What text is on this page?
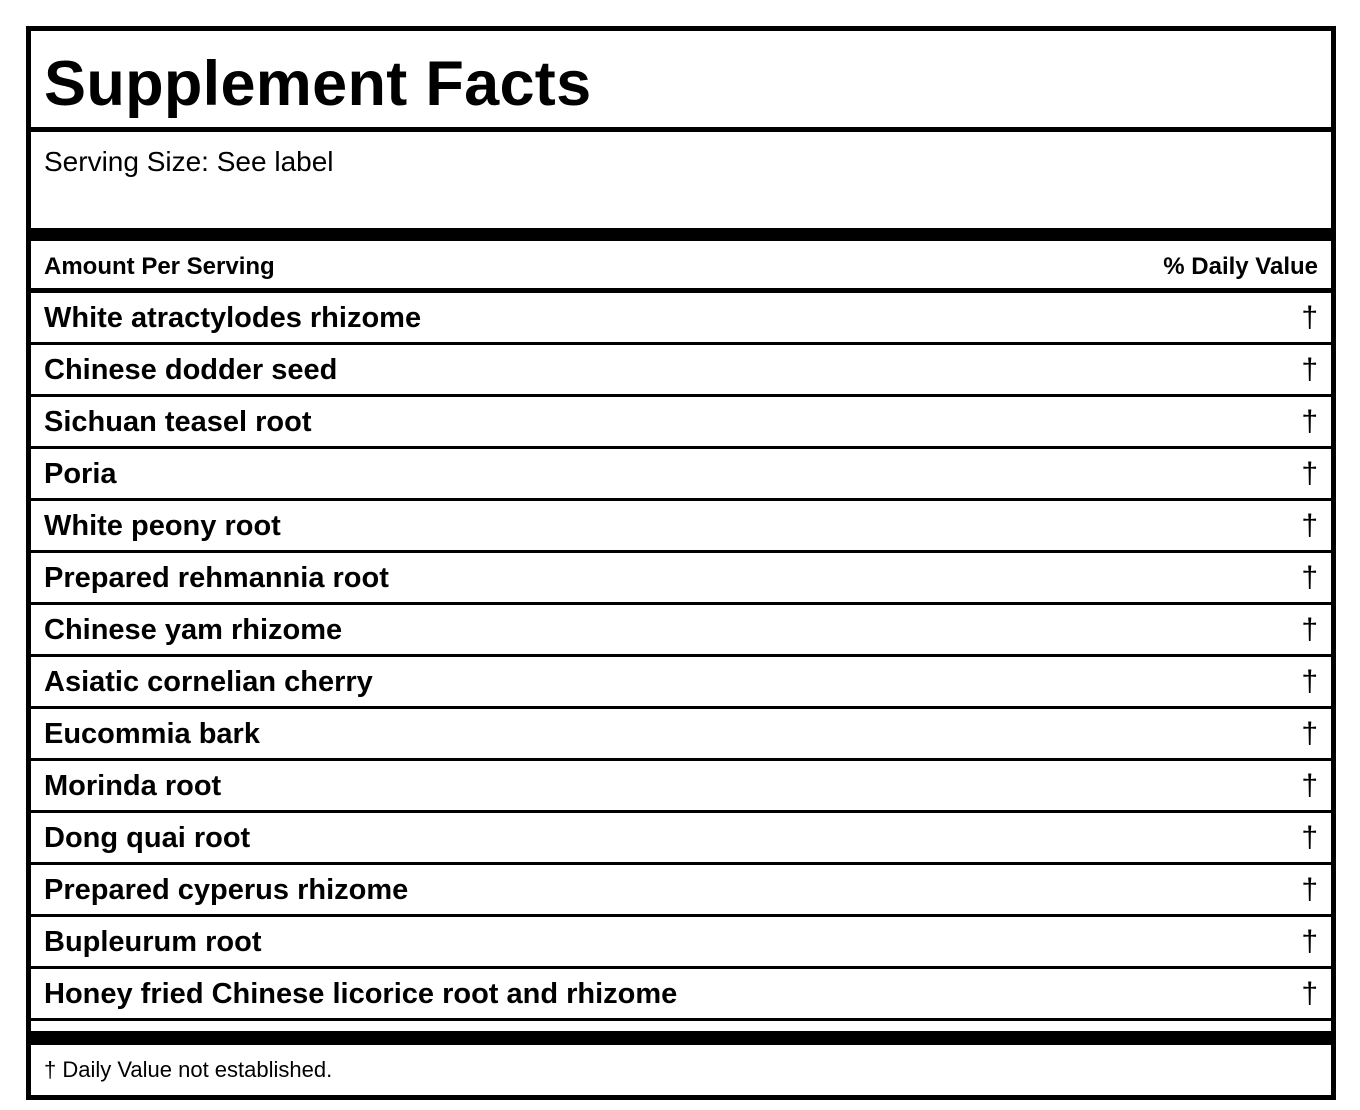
Supplement Facts
Serving Size: See label
Amount Per Serving	% Daily Value
White atractylodes rhizome	†
Chinese dodder seed	†
Sichuan teasel root	†
Poria	†
White peony root	†
Prepared rehmannia root	†
Chinese yam rhizome	†
Asiatic cornelian cherry	†
Eucommia bark	†
Morinda root	†
Dong quai root	†
Prepared cyperus rhizome	†
Bupleurum root	†
Honey fried Chinese licorice root and rhizome	†
† Daily Value not established.
